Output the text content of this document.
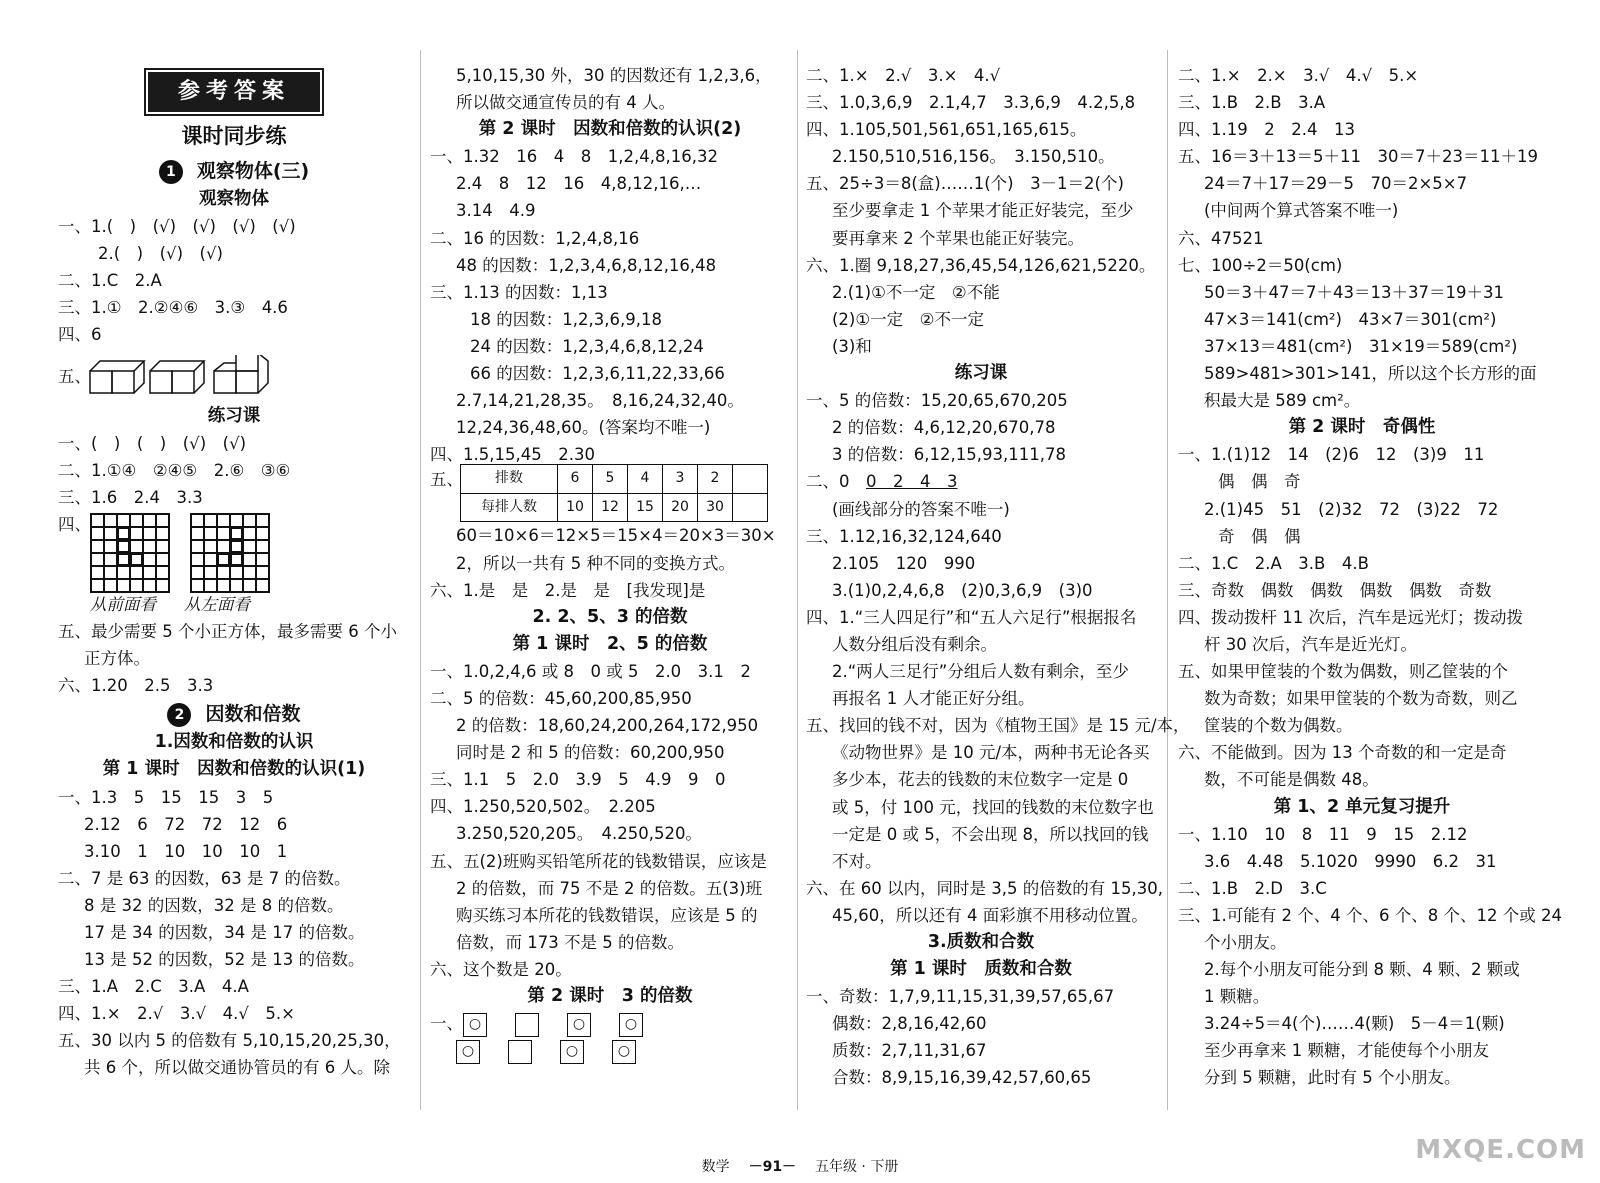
参考答案
课时同步练
1 观察物体(三)
观察物体
一、1.(　)　(√)　(√)　(√)　(√)
2.(　)　(√)　(√)
二、1.C　2.A
三、1.①　2.②④⑥　3.③　4.6
四、6
五、
练习课
一、(　)　(　)　(√)　(√)
二、1.①④　②④⑤　2.⑥　③⑥
三、1.6　2.4　3.3
四、
从前面看 从左面看
五、最少需要 5 个小正方体，最多需要 6 个小
正方体。
六、1.20　2.5　3.3
2 因数和倍数
1.因数和倍数的认识
第 1 课时　因数和倍数的认识(1)
一、1.3　5　15　15　3　5
2.12　6　72　72　12　6
3.10　1　10　10　10　1
二、7 是 63 的因数，63 是 7 的倍数。
8 是 32 的因数，32 是 8 的倍数。
17 是 34 的因数，34 是 17 的倍数。
13 是 52 的因数，52 是 13 的倍数。
三、1.A　2.C　3.A　4.A
四、1.×　2.√　3.√　4.√　5.×
五、30 以内 5 的倍数有 5,10,15,20,25,30，
共 6 个，所以做交通协管员的有 6 人。除
5,10,15,30 外，30 的因数还有 1,2,3,6，
所以做交通宣传员的有 4 人。
第 2 课时　因数和倍数的认识(2)
一、1.32　16　4　8　1,2,4,8,16,32
2.4　8　12　16　4,8,12,16,…
3.14　4.9
二、16 的因数：1,2,4,8,16
48 的因数：1,2,3,4,6,8,12,16,48
三、1.13 的因数：1,13
18 的因数：1,2,3,6,9,18
24 的因数：1,2,3,4,6,8,12,24
66 的因数：1,2,3,6,11,22,33,66
2.7,14,21,28,35。　8,16,24,32,40。
12,24,36,48,60。(答案均不唯一)
四、1.5,15,45　2.30
五、 排数	6	5	4	3	2	
每排人数	10	12	15	20	30	
60＝10×6＝12×5＝15×4＝20×3＝30×
2，所以一共有 5 种不同的变换方式。
六、1.是　是　2.是　是　[我发现]是
2. 2、5、3 的倍数
第 1 课时　2、5 的倍数
一、1.0,2,4,6 或 8　0 或 5　2.0　3.1　2
二、5 的倍数：45,60,200,85,950
2 的倍数：18,60,24,200,264,172,950
同时是 2 和 5 的倍数：60,200,950
三、1.1　5　2.0　3.9　5　4.9　9　0
四、1.250,520,502。　2.205
3.250,520,205。　4.250,520。
五、五(2)班购买铅笔所花的钱数错误，应该是
2 的倍数，而 75 不是 2 的倍数。五(3)班
购买练习本所花的钱数错误，应该是 5 的
倍数，而 173 不是 5 的倍数。
六、这个数是 20。
第 2 课时　3 的倍数
一、 ○	○	○
○	○	○
二、1.×　2.√　3.×　4.√
三、1.0,3,6,9　2.1,4,7　3.3,6,9　4.2,5,8
四、1.105,501,561,651,165,615。
2.150,510,516,156。　3.150,510。
五、25÷3＝8(盒)……1(个)　3－1＝2(个)
至少要拿走 1 个苹果才能正好装完，至少
要再拿来 2 个苹果也能正好装完。
六、1.圈 9,18,27,36,45,54,126,621,5220。
2.(1)①不一定　②不能
(2)①一定　②不一定
(3)和
练习课
一、5 的倍数：15,20,65,670,205
2 的倍数：4,6,12,20,670,78
3 的倍数：6,12,15,93,111,78
二、0　0　2　4　3
(画线部分的答案不唯一)
三、1.12,16,32,124,640
2.105　120　990
3.(1)0,2,4,6,8　(2)0,3,6,9　(3)0
四、1.“三人四足行”和“五人六足行”根据报名
人数分组后没有剩余。
2.“两人三足行”分组后人数有剩余，至少
再报名 1 人才能正好分组。
五、找回的钱不对，因为《植物王国》是 15 元/本，
《动物世界》是 10 元/本，两种书无论各买
多少本，花去的钱数的末位数字一定是 0
或 5，付 100 元，找回的钱数的末位数字也
一定是 0 或 5，不会出现 8，所以找回的钱
不对。
六、在 60 以内，同时是 3,5 的倍数的有 15,30,
45,60，所以还有 4 面彩旗不用移动位置。
3.质数和合数
第 1 课时　质数和合数
一、奇数：1,7,9,11,15,31,39,57,65,67
偶数：2,8,16,42,60
质数：2,7,11,31,67
合数：8,9,15,16,39,42,57,60,65
二、1.×　2.×　3.√　4.√　5.×
三、1.B　2.B　3.A
四、1.19　2　2.4　13
五、16＝3＋13＝5＋11　30＝7＋23＝11＋19
24＝7＋17＝29－5　70＝2×5×7
(中间两个算式答案不唯一)
六、47521
七、100÷2＝50(cm)
50＝3＋47＝7＋43＝13＋37＝19＋31
47×3＝141(cm²)　43×7＝301(cm²)
37×13＝481(cm²)　31×19＝589(cm²)
589>481>301>141，所以这个长方形的面
积最大是 589 cm²。
第 2 课时　奇偶性
一、1.(1)12　14　(2)6　12　(3)9　11
偶　偶　奇
2.(1)45　51　(2)32　72　(3)22　72
奇　偶　偶
二、1.C　2.A　3.B　4.B
三、奇数　偶数　偶数　偶数　偶数　奇数
四、拨动拨杆 11 次后，汽车是远光灯；拨动拨
杆 30 次后，汽车是近光灯。
五、如果甲筐装的个数为偶数，则乙筐装的个
数为奇数；如果甲筐装的个数为奇数，则乙
筐装的个数为偶数。
六、不能做到。因为 13 个奇数的和一定是奇
数，不可能是偶数 48。
第 1、2 单元复习提升
一、1.10　10　8　11　9　15　2.12
3.6　4.48　5.1020　9990　6.2　31
二、1.B　2.D　3.C
三、1.可能有 2 个、4 个、6 个、8 个、12 个或 24
个小朋友。
2.每个小朋友可能分到 8 颗、4 颗、2 颗或
1 颗糖。
3.24÷5＝4(个)……4(颗)　5－4＝1(颗)
至少再拿来 1 颗糖，才能使每个小朋友
分到 5 颗糖，此时有 5 个小朋友。
数学 －91－ 五年级 · 下册
MXQE.COM
